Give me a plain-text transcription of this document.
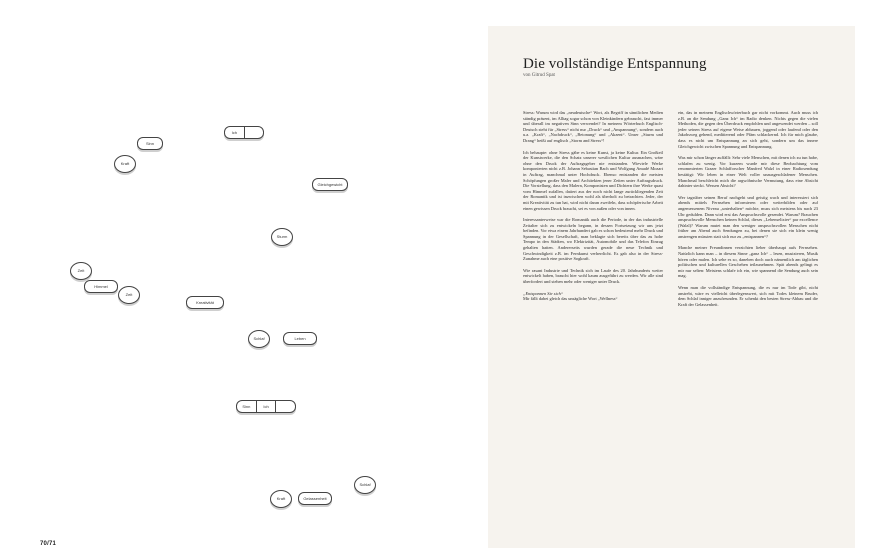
Ich
Sinn
Kraft
Gleichgewicht
Sturm
Zeit
Himmel
Zeit
Kreativität
Schlaf	Leben
Sinn	Ich
Schlaf
Kraft	Gelassenheit
70/71
Die vollständige Entspannung
von Gitrud Spat

Stress: Warum wird das „neudeutsche“ Wort, als Begriff in sämtlichen Medien ständig präsent, im Alltag sogar schon von Kleinkindern gebraucht, fast immer und überall im negativen Sinn verwendet? In meinem Wörterbuch Englisch-Deutsch steht für „Stress“ nicht nur „Druck“ und „Anspannung“, sondern auch u.a. „Kraft“, „Nachdruck“, „Betonung“ und „Akzent“. Unser „Sturm und Drang“ heißt auf englisch „Storm and Stress“!

Ich behaupte: ohne Stress gäbe es keine Kunst, ja keine Kultur. Ein Großteil der Kunstwerke, die den Schatz unserer westlichen Kultur ausmachen, wäre ohne den Druck der Auftragsgeber nie entstanden. Wieviele Werke komponierten nicht z.B. Johann Sebastian Bach und Wolfgang Amadé Mozart in Auftrag, manchmal unter Hochdruck. Ebenso entstanden die meisten Schöpfungen großer Maler und Architekten jener Zeiten unter Auftragsdruck. Die Vorstellung, dass den Malern, Komponisten und Dichtern ihre Werke quasi vom Himmel zufallen, datiert aus der noch nicht lange zurückliegenden Zeit der Romantik und ist inzwischen wohl als überholt zu betrachten. Jeder, der mit Kreativität zu tun hat, wird nicht daran zweifeln, dass schöpferische Arbeit einen gewissen Druck braucht, sei es von außen oder von innen.

Interessanterweise war die Romantik auch die Periode, in der das industrielle Zeitalter sich zu entwickeln begann, in dessen Fortsetzung wir uns jetzt befinden. Vor etwa einem Jahrhundert gab es schon bedeutend mehr Druck und Spannung in der Gesellschaft, man beklagte sich bereits über das zu hohe Tempo in den Städten, wo Elektrizität, Automobile und das Telefon Einzug gehalten hatten. Andererseits wurden gerade die neue Technik und Geschwindigkeit z.B. im Fernkunst verherrlicht. Es gab also in der Stress-Zunahme auch eine positive Sogkraft.

Wie rasant Industrie und Technik sich im Laufe des 20. Jahrhunderts weiter entwickelt haben, braucht hier wohl kaum ausgeführt zu werden. Wir alle sind überfordert und stehen mehr oder weniger unter Druck.

„Entspannen Sie sich“

Mir fällt dabei gleich das unsägliche Wort „Wellness“

ein, das in meinem Englischwörterbuch gar nicht vorkommt. Auch muss ich z.B. an die Sendung „Ganz Ich“ im Radio denken. Nichts gegen die vielen Methoden, die gegen den Überdruck empfohlen und angewendet werden – soll jeder seinen Stress auf eigene Weise abbauen, joggend oder laufend oder den Jakobsweg gehend, meditierend oder Pfäm schlackernd. Ich für mich glaube, dass es nicht um Entspannung an sich geht, sondern um das innere Gleichgewicht zwischen Spannung und Entspannung.

Was mir schon länger auffällt: Sehr viele Menschen, mit denen ich zu tun habe, schlafen zu wenig. Vor kurzem wurde mir diese Beobachtung vom renommierten Grazer Schlafforscher Manfred Walzl in einer Radiosendung bestätigt: Wir leben in einer Welt voller unausgeschlafener Menschen. Manchmal beschleicht mich die argwöhnische Vermutung, dass eine Absicht dahinter steckt. Wessen Absicht?

Wer tagsüber seinen Beruf nachgeht und geistig wach und interessiert sich abends mittels Fernsehen informieren oder weiterbilden oder auf angemessenem Niveau „unterhalten“ möchte, muss sich meistens bis nach 23 Uhr gedulden. Dann wird erst das Anspruchsvolle gesendet. Warum? Brauchen anspruchsvolle Menschen keinen Schlaf, dieses „Lebenselixier“ par excellence (Walzl)? Warum mutet man den weniger anspruchsvollen Menschen nicht früher am Abend auch Sendungen zu, bei denen sie sich ein klein wenig anstrengen müssten statt sich nur zu „entspannen“?

Manche meiner Freundinnen verzichten lieber überhaupt aufs Fernsehen. Natürlich kann man – in diesem Sinne „ganz Ich“ – lesen, musizieren, Musik hören oder malen. Ich sehe es so, daneben doch auch nämentlich am täglichen politischen und kulturellen Geschehen teilzunehmen. Spät abends gelingt es mir nur selten: Meistens schlafe ich ein, wie spannend die Sendung auch sein mag.

Wenn man die vollständige Entspannung, die es nur im Tode gibt, nicht anstrebt, wäre es vielleicht überlegenswert, sich mit Todes kleinem Bruder, dem Schlaf inniger anzufreunden. Er schenkt den besten Stress-Abbau und die Kraft der Gelassenheit.
